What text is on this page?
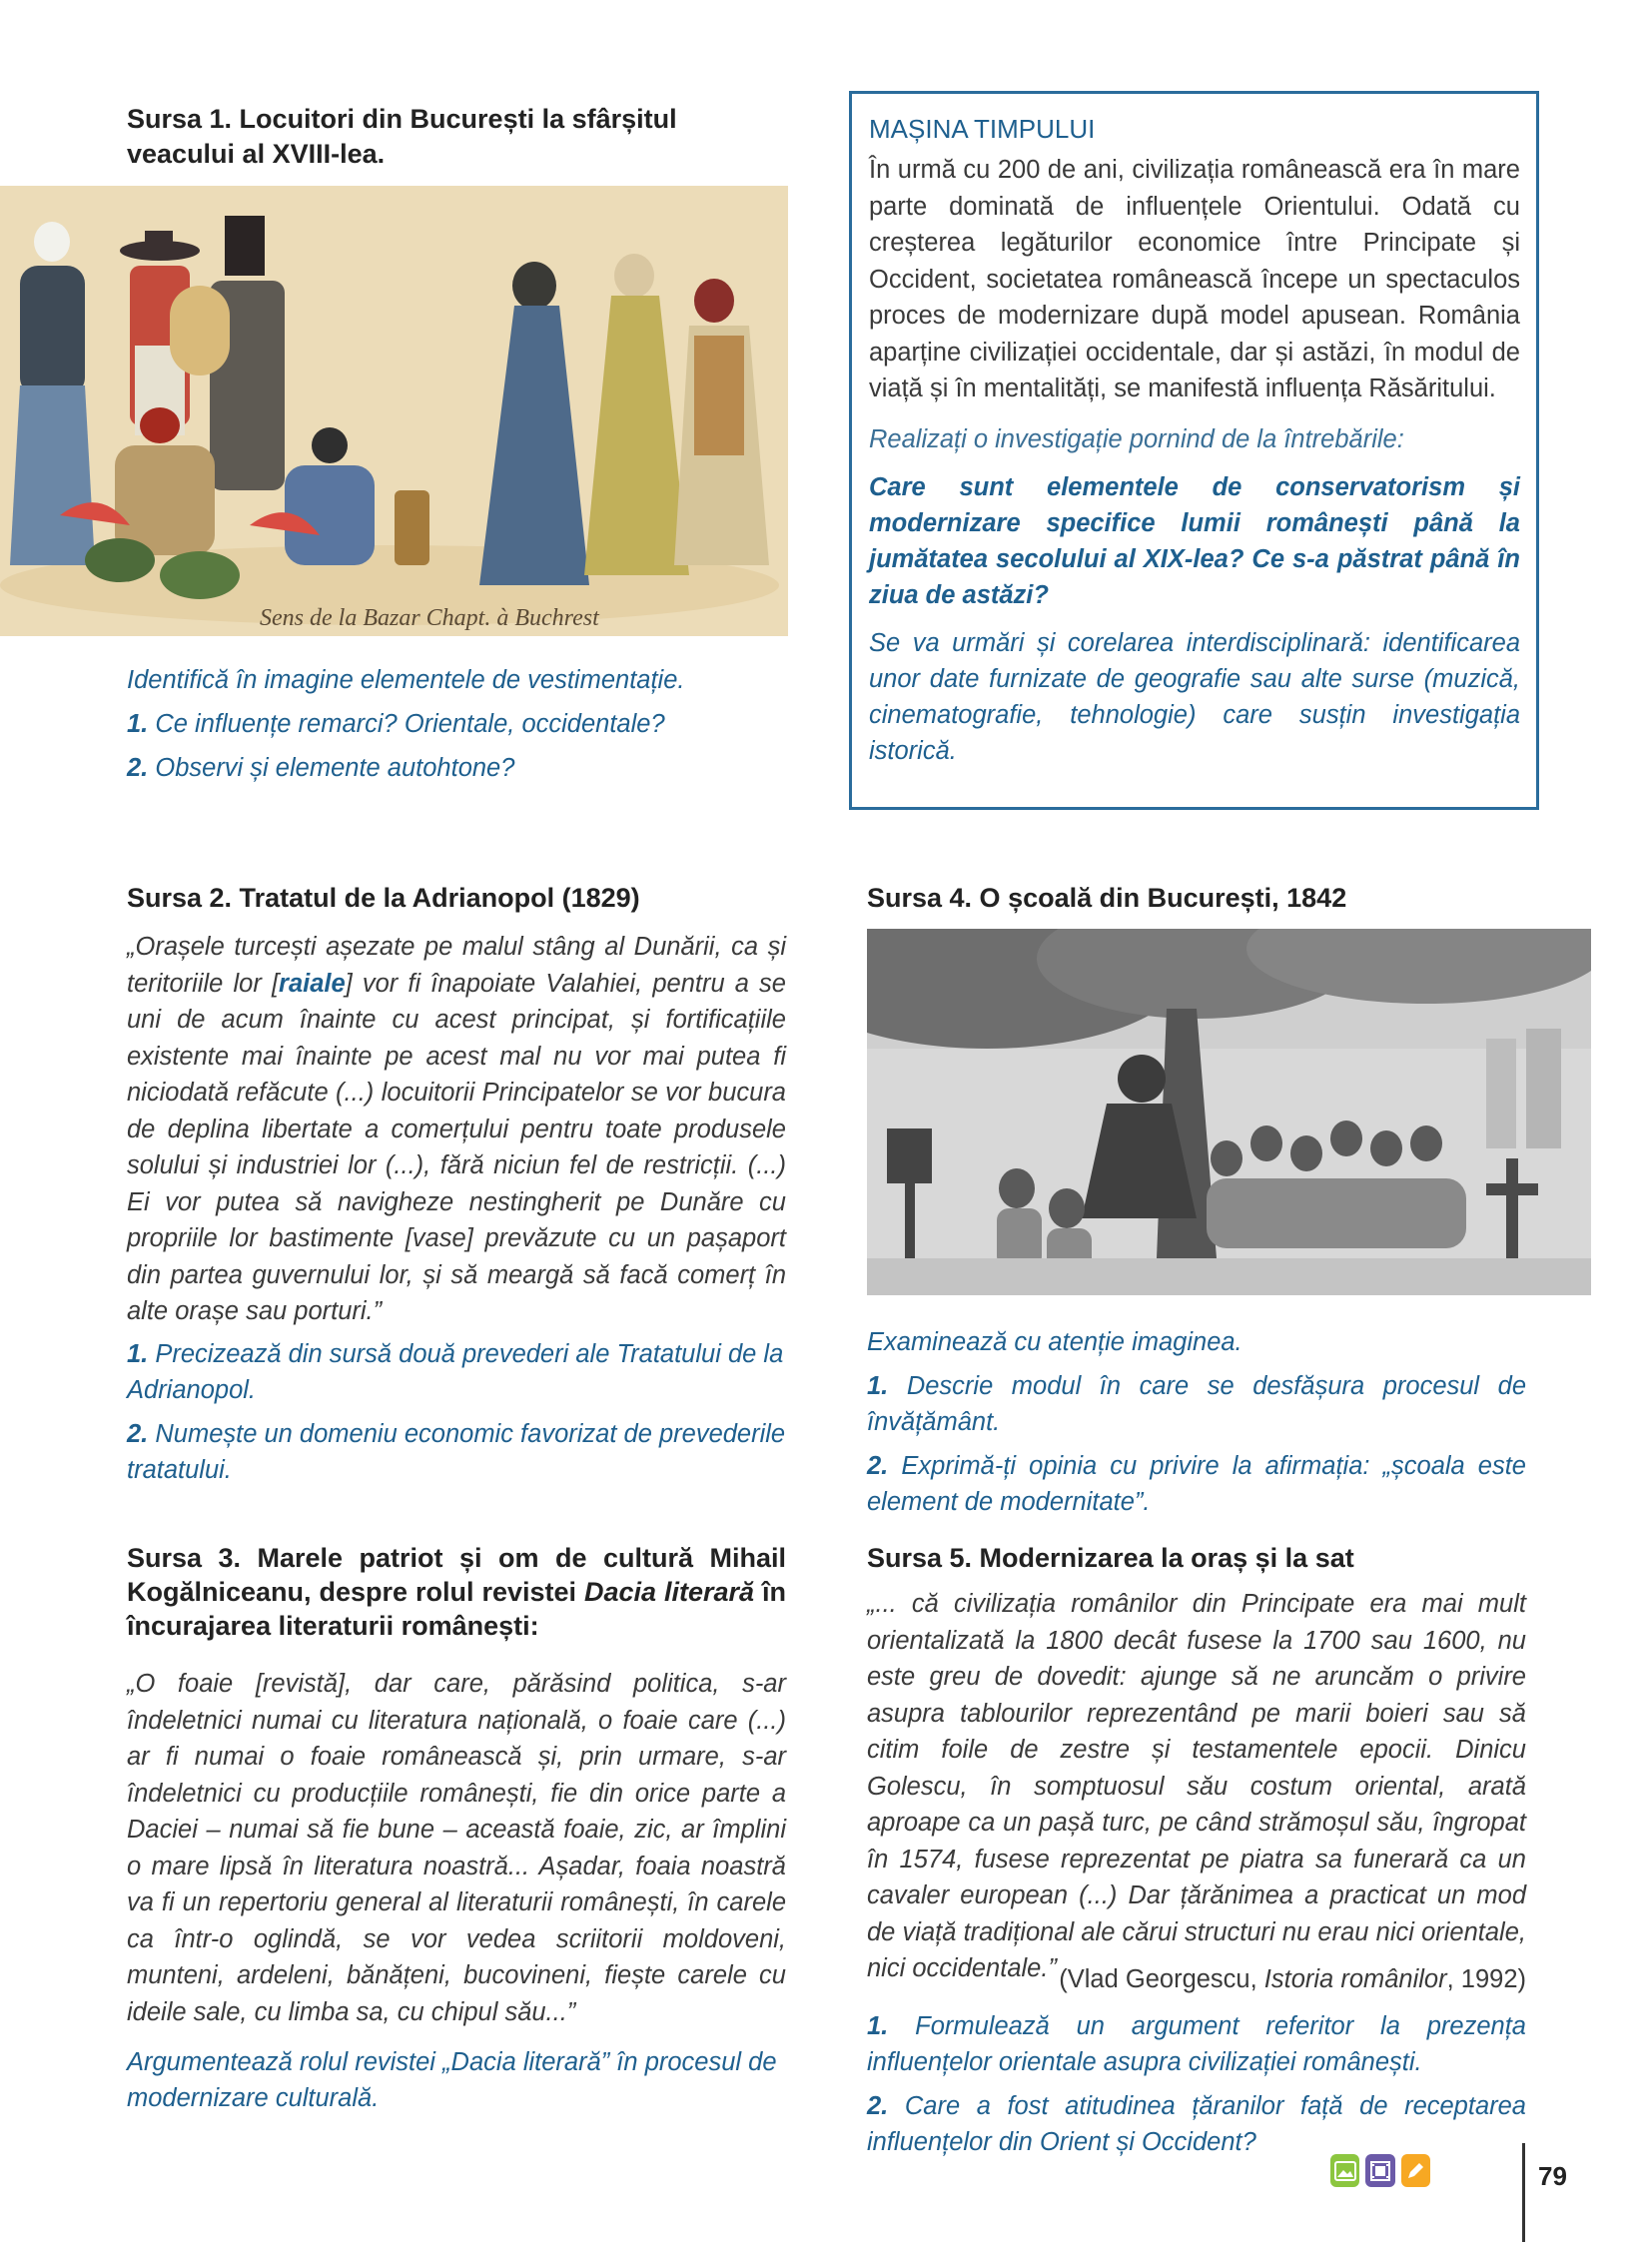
Sursa 1. Locuitori din București la sfârșitul
veacului al XVIII-lea.
Sens de la Bazar Chapt. à Buchrest

Identifică în imagine elementele de vestimentație.

1. Ce influențe remarci? Orientale, occidentale?

2. Observi și elemente autohtone?

MAȘINA TIMPULUI

În urmă cu 200 de ani, civilizația românească era în mare parte dominată de influențele Orientului. Odată cu creșterea legăturilor economice între Principate și Occident, societatea românească începe un spectaculos proces de modernizare după model apusean. România aparține civilizației occidentale, dar și astăzi, în modul de viață și în mentalități, se manifestă influența Răsăritului.

Realizați o investigație pornind de la întrebările:

Care sunt elementele de conservatorism și modernizare specifice lumii românești până la jumătatea secolului al XIX-lea? Ce s-a păstrat până în ziua de astăzi?

Se va urmări și corelarea interdisciplinară: identificarea unor date furnizate de geografie sau alte surse (muzică, cinematografie, tehnologie) care susțin investigația istorică.

Sursa 2. Tratatul de la Adrianopol (1829)

„Orașele turcești așezate pe malul stâng al Dunării, ca și teritoriile lor [raiale] vor fi înapoiate Valahiei, pentru a se uni de acum înainte cu acest principat, și fortificațiile existente mai înainte pe acest mal nu vor mai putea fi niciodată refăcute (...) locuitorii Principatelor se vor bucura de deplina libertate a comerțului pentru toate produsele solului și industriei lor (...), fără niciun fel de restricții. (...) Ei vor putea să navigheze nestingherit pe Dunăre cu propriile lor bastimente [vase] prevăzute cu un pașaport din partea guvernului lor, și să meargă să facă comerț în alte orașe sau porturi.”

1. Precizează din sursă două prevederi ale Tratatului de la Adrianopol.

2. Numește un domeniu economic favorizat de prevederile tratatului.

Sursa 3. Marele patriot și om de cultură Mihail Kogălniceanu, despre rolul revistei Dacia literară în încurajarea literaturii românești:

„O foaie [revistă], dar care, părăsind politica, s-ar îndeletnici numai cu literatura națională, o foaie care (...) ar fi numai o foaie românească și, prin urmare, s-ar îndeletnici cu producțiile românești, fie din orice parte a Daciei – numai să fie bune – această foaie, zic, ar împlini o mare lipsă în literatura noastră... Așadar, foaia noastră va fi un repertoriu general al literaturii românești, în carele ca într-o oglindă, se vor vedea scriitorii moldoveni, munteni, ardeleni, bănățeni, bucovineni, fiește carele cu ideile sale, cu limba sa, cu chipul său...”

Argumentează rolul revistei „Dacia literară” în procesul de modernizare culturală.

Sursa 4. O școală din București, 1842

Examinează cu atenție imaginea.

1. Descrie modul în care se desfășura procesul de învățământ.

2. Exprimă-ți opinia cu privire la afirmația: „școala este element de modernitate”.

Sursa 5. Modernizarea la oraș și la sat

„... că civilizația românilor din Principate era mai mult orientalizată la 1800 decât fusese la 1700 sau 1600, nu este greu de dovedit: ajunge să ne aruncăm o privire asupra tablourilor reprezentând pe marii boieri sau să citim foile de zestre și testamentele epocii. Dinicu Golescu, în somptuosul său costum oriental, arată aproape ca un pașă turc, pe când strămoșul său, îngropat în 1574, fusese reprezentat pe piatra sa funerară ca un cavaler european (...) Dar țărănimea a practicat un mod de viață tradițional ale cărui structuri nu erau nici orientale, nici occidentale.” (Vlad Georgescu, Istoria românilor, 1992)

1. Formulează un argument referitor la prezența influențelor orientale asupra civilizației românești.

2. Care a fost atitudinea țăranilor față de receptarea influențelor din Orient și Occident?

79
